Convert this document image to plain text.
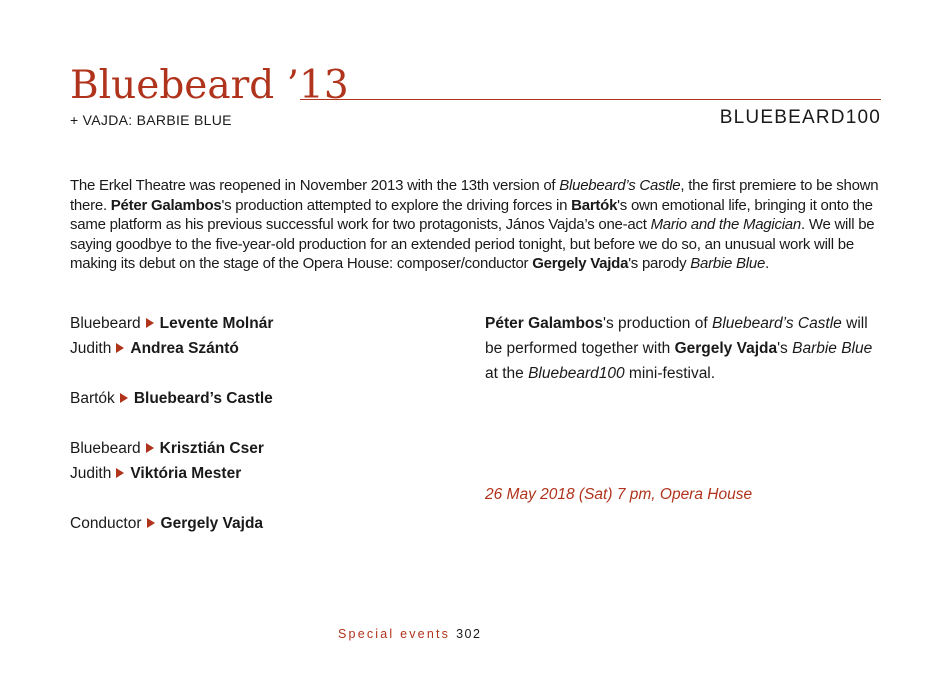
Bluebeard ’13
+ VAJDA: BARBIE BLUE	BLUEBEARD100

The Erkel Theatre was reopened in November 2013 with the 13th version of Bluebeard’s Castle, the first premiere to be shown there. Péter Galambos's production attempted to explore the driving forces in Bartók's own emotional life, bringing it onto the same platform as his previous successful work for two protagonists, János Vajda’s one-act Mario and the Magician. We will be saying goodbye to the five-year-old production for an extended period tonight, but before we do so, an unusual work will be making its debut on the stage of the Opera House: composer/conductor Gergely Vajda's parody Barbie Blue.

Bluebeard Levente Molnár
Judith Andrea Szántó
Bartók Bluebeard’s Castle
Bluebeard Krisztián Cser
Judith Viktória Mester
Conductor Gergely Vajda

Péter Galambos's production of Bluebeard’s Castle will be performed together with Gergely Vajda's Barbie Blue at the Bluebeard100 mini-festival.

26 May 2018 (Sat) 7 pm, Opera House
Special events 302
